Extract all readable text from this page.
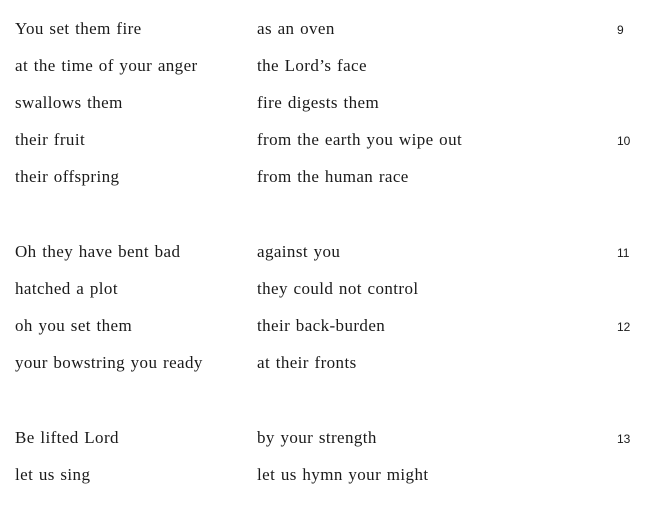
You set them fire	as an oven	9
at the time of your anger	the Lord’s face
swallows them	fire digests them
their fruit	from the earth you wipe out	10
their offspring	from the human race
Oh they have bent bad	against you	11
hatched a plot	they could not control
oh you set them	their back-burden	12
your bowstring you ready	at their fronts
Be lifted Lord	by your strength	13
let us sing	let us hymn your might
